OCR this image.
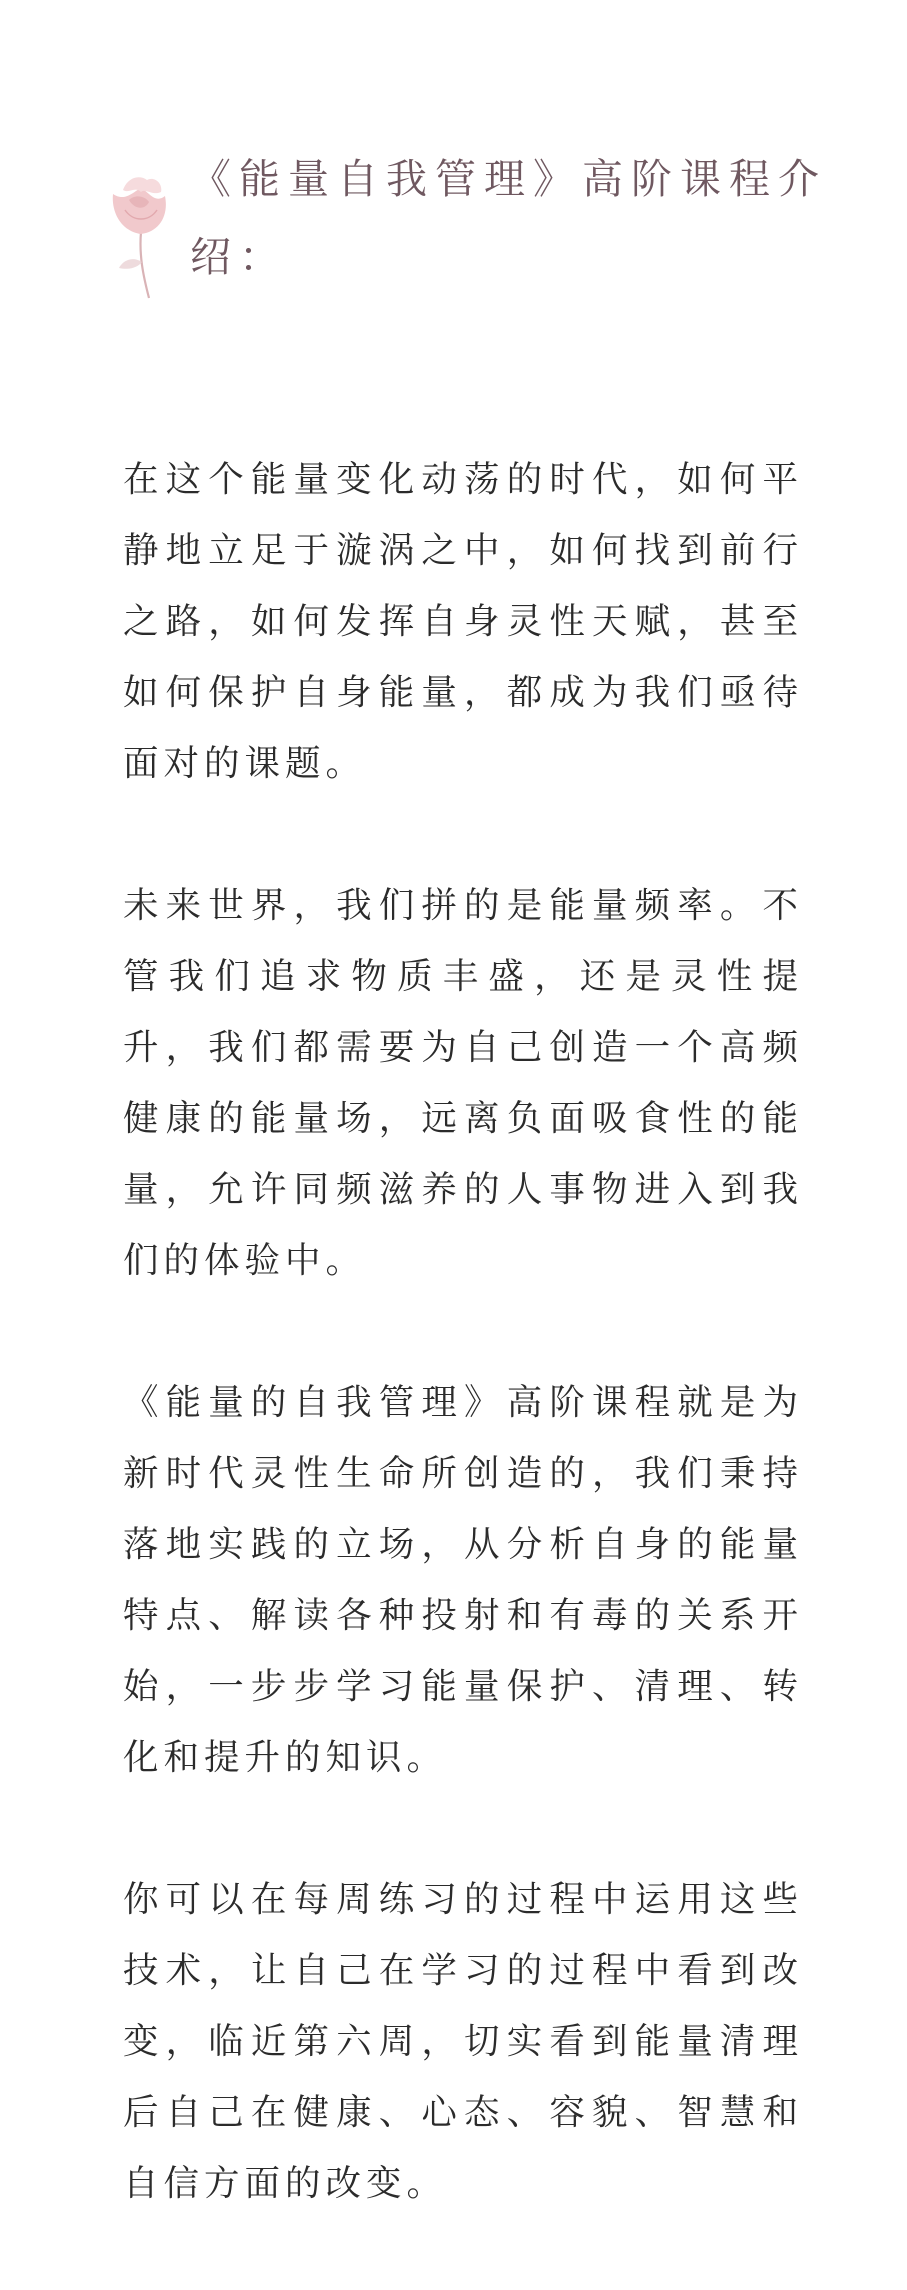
《能量自我管理》高阶课程介绍：

在这个能量变化动荡的时代，如何平静地立足于漩涡之中，如何找到前行之路，如何发挥自身灵性天赋，甚至如何保护自身能量，都成为我们亟待面对的课题。

未来世界，我们拼的是能量频率。不管我们追求物质丰盛，还是灵性提升，我们都需要为自己创造一个高频健康的能量场，远离负面吸食性的能量，允许同频滋养的人事物进入到我们的体验中。

《能量的自我管理》高阶课程就是为新时代灵性生命所创造的，我们秉持落地实践的立场，从分析自身的能量特点、解读各种投射和有毒的关系开始，一步步学习能量保护、清理、转化和提升的知识。

你可以在每周练习的过程中运用这些技术，让自己在学习的过程中看到改变，临近第六周，切实看到能量清理后自己在健康、心态、容貌、智慧和自信方面的改变。
